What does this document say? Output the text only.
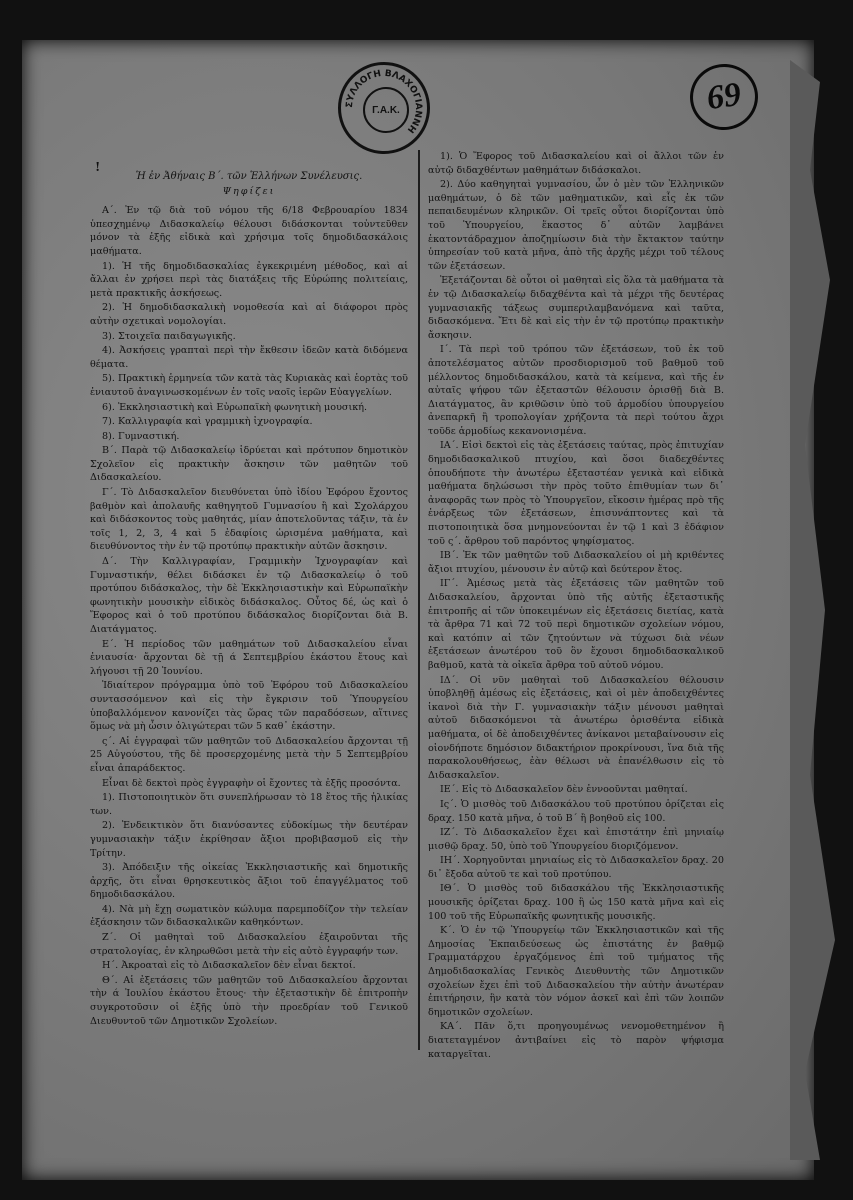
ΣΥΛΛΟΓΗ ΒΛΑΧΟΓΙΑΝΝΗ
Γ.Α.Κ.	69
!

Ἡ ἐν Ἀθήναις Β΄. τῶν Ἑλλήνων Συνέλευσις.

Ψηφίζει

Α΄. Ἐν τῷ διὰ τοῦ νόμου τῆς 6/18 Φεβρουαρίου 1834 ὑπεσχημένῳ Διδασκαλείῳ θέλουσι διδάσκονται τοὐντεῦθεν μόνον τὰ ἐξῆς εἰδικὰ καὶ χρήσιμα τοῖς δημοδιδασκάλοις μαθήματα.

1). Ἡ τῆς δημοδιδασκαλίας ἐγκεκριμένη μέθοδος, καὶ αἱ ἄλλαι ἐν χρήσει περὶ τὰς διατάξεις τῆς Εὐρώπης πολιτείαις, μετὰ πρακτικῆς ἀσκήσεως.

2). Ἡ δημοδιδασκαλικὴ νομοθεσία καὶ αἱ διάφοροι πρὸς αὐτὴν σχετικαὶ νομολογίαι.

3). Στοιχεῖα παιδαγωγικῆς.

4). Ἀσκήσεις γραπταὶ περὶ τὴν ἔκθεσιν ἰδεῶν κατὰ διδόμενα θέματα.

5). Πρακτικὴ ἑρμηνεία τῶν κατὰ τὰς Κυριακὰς καὶ ἑορτὰς τοῦ ἐνιαυτοῦ ἀναγινωσκομένων ἐν τοῖς ναοῖς ἱερῶν Εὐαγγελίων.

6). Ἐκκλησιαστικὴ καὶ Εὐρωπαϊκὴ φωνητικὴ μουσική.

7). Καλλιγραφία καὶ γραμμικὴ ἰχνογραφία.

8). Γυμναστική.

Β΄. Παρὰ τῷ Διδασκαλείῳ ἱδρύεται καὶ πρότυπον δημοτικὸν Σχολεῖον εἰς πρακτικὴν ἄσκησιν τῶν μαθητῶν τοῦ Διδασκαλείου.

Γ΄. Τὸ Διδασκαλεῖον διευθύνεται ὑπὸ ἰδίου Ἐφόρου ἔχοντος βαθμὸν καὶ ἀπολαυῆς καθηγητοῦ Γυμνασίου ἢ καὶ Σχολάρχου καὶ διδάσκοντος τοὺς μαθητάς, μίαν ἀποτελοῦντας τάξιν, τὰ ἐν τοῖς 1, 2, 3, 4 καὶ 5 ἐδαφίοις ὡρισμένα μαθήματα, καὶ διευθύνοντος τὴν ἐν τῷ προτύπῳ πρακτικὴν αὐτῶν ἄσκησιν.

Δ΄. Τὴν Καλλιγραφίαν, Γραμμικὴν Ἰχνογραφίαν καὶ Γυμναστικήν, θέλει διδάσκει ἐν τῷ Διδασκαλείῳ ὁ τοῦ προτύπου διδάσκαλος, τὴν δὲ Ἐκκλησιαστικὴν καὶ Εὐρωπαϊκὴν φωνητικὴν μουσικὴν εἰδικὸς διδάσκαλος. Οὗτος δέ, ὡς καὶ ὁ Ἔφορος καὶ ὁ τοῦ προτύπου διδάσκαλος διορίζονται διὰ Β. Διατάγματος.

Ε΄. Ἡ περίοδος τῶν μαθημάτων τοῦ Διδασκαλείου εἶναι ἐνιαυσία· ἄρχονται δὲ τῇ ά Σεπτεμβρίου ἑκάστου ἔτους καὶ λήγουσι τῇ 20 Ἰουνίου.

Ἰδιαίτερον πρόγραμμα ὑπὸ τοῦ Ἐφόρου τοῦ Διδασκαλείου συντασσόμενον καὶ εἰς τὴν ἔγκρισιν τοῦ Ὑπουργείου ὑποβαλλόμενον κανονίζει τὰς ὥρας τῶν παραδόσεων, αἵτινες ὅμως νὰ μὴ ὦσιν ὀλιγώτεραι τῶν 5 καθ᾽ ἑκάστην.

ς΄. Αἱ ἐγγραφαὶ τῶν μαθητῶν τοῦ Διδασκαλείου ἄρχονται τῇ 25 Αὐγούστου, τῆς δὲ προσερχομένης μετὰ τὴν 5 Σεπτεμβρίου εἶναι ἀπαράδεκτος.

Εἶναι δὲ δεκτοὶ πρὸς ἐγγραφὴν οἱ ἔχοντες τὰ ἐξῆς προσόντα.

1). Πιστοποιητικὸν ὅτι συνεπλήρωσαν τὸ 18 ἔτος τῆς ἡλικίας των.

2). Ἐνδεικτικὸν ὅτι διανύσαντες εὐδοκίμως τὴν δευτέραν γυμνασιακὴν τάξιν ἐκρίθησαν ἄξιοι προβιβασμοῦ εἰς τὴν Τρίτην.

3). Ἀπόδειξιν τῆς οἰκείας Ἐκκλησιαστικῆς καὶ δημοτικῆς ἀρχῆς, ὅτι εἶναι θρησκευτικὸς ἄξιοι τοῦ ἐπαγγέλματος τοῦ δημοδιδασκάλου.

4). Νὰ μὴ ἔχῃ σωματικὸν κώλυμα παρεμποδίζον τὴν τελείαν ἐξάσκησιν τῶν διδασκαλικῶν καθηκόντων.

Ζ΄. Οἱ μαθηταὶ τοῦ Διδασκαλείου ἐξαιροῦνται τῆς στρατολογίας, ἐν κληρωθῶσι μετὰ τὴν εἰς αὐτὸ ἐγγραφήν των.

Η΄. Ἀκροαταὶ εἰς τὸ Διδασκαλεῖον δὲν εἶναι δεκτοί.

Θ΄. Αἱ ἐξετάσεις τῶν μαθητῶν τοῦ Διδασκαλείου ἄρχονται τὴν ά Ἰουλίου ἑκάστου ἔτους· τὴν ἐξεταστικὴν δὲ ἐπιτροπὴν συγκροτοῦσιν οἱ ἐξῆς ὑπὸ τὴν προεδρίαν τοῦ Γενικοῦ Διευθυντοῦ τῶν Δημοτικῶν Σχολείων.

1). Ὁ Ἔφορος τοῦ Διδασκαλείου καὶ οἱ ἄλλοι τῶν ἐν αὐτῷ διδαχθέντων μαθημάτων διδάσκαλοι.

2). Δύο καθηγηταὶ γυμνασίου, ὧν ὁ μὲν τῶν Ἑλληνικῶν μαθημάτων, ὁ δὲ τῶν μαθηματικῶν, καὶ εἷς ἐκ τῶν πεπαιδευμένων κληρικῶν. Οἱ τρεῖς οὗτοι διορίζονται ὑπὸ τοῦ Ὑπουργείου, ἕκαστος δ᾽ αὐτῶν λαμβάνει ἑκατοντάδραχμον ἀποζημίωσιν διὰ τὴν ἔκτακτον ταύτην ὑπηρεσίαν τοῦ κατὰ μῆνα, ἀπὸ τῆς ἀρχῆς μέχρι τοῦ τέλους τῶν ἐξετάσεων.

Ἐξετάζονται δὲ οὗτοι οἱ μαθηταὶ εἰς ὅλα τὰ μαθήματα τὰ ἐν τῷ Διδασκαλείῳ διδαχθέντα καὶ τὰ μέχρι τῆς δευτέρας γυμνασιακῆς τάξεως συμπεριλαμβανόμενα καὶ ταῦτα, διδασκόμενα. Ἔτι δὲ καὶ εἰς τὴν ἐν τῷ προτύπῳ πρακτικὴν ἄσκησιν.

Ι΄. Τὰ περὶ τοῦ τρόπου τῶν ἐξετάσεων, τοῦ ἐκ τοῦ ἀποτελέσματος αὐτῶν προσδιορισμοῦ τοῦ βαθμοῦ τοῦ μέλλοντος δημοδιδασκάλου, κατὰ τὰ κείμενα, καὶ τῆς ἐν αὐταῖς ψήφου τῶν ἐξεταστῶν θέλουσιν ὁρισθῇ διὰ Β. Διατάγματος, ἂν κριθῶσιν ὑπὸ τοῦ ἁρμοδίου ὑπουργείου ἀνεπαρκῆ ἢ τροπολογίαν χρήζοντα τὰ περὶ τούτου ἄχρι τοῦδε ἁρμοδίως κεκανονισμένα.

ΙΑ΄. Εἰσὶ δεκτοὶ εἰς τὰς ἐξετάσεις ταύτας, πρὸς ἐπιτυχίαν δημοδιδασκαλικοῦ πτυχίου, καὶ ὅσοι διαδεχθέντες ὁπουδήποτε τὴν ἀνωτέρω ἐξεταστέαν γενικὰ καὶ εἰδικὰ μαθήματα δηλώσωσι τὴν πρὸς τοῦτο ἐπιθυμίαν των δι᾽ ἀναφορᾶς των πρὸς τὸ Ὑπουργεῖον, εἴκοσιν ἡμέρας πρὸ τῆς ἐνάρξεως τῶν ἐξετάσεων, ἐπισυνάπτοντες καὶ τὰ πιστοποιητικὰ ὅσα μνημονεύονται ἐν τῷ 1 καὶ 3 ἐδάφιον τοῦ ς΄. ἄρθρου τοῦ παρόντος ψηφίσματος.

ΙΒ΄. Ἐκ τῶν μαθητῶν τοῦ Διδασκαλείου οἱ μὴ κριθέντες ἄξιοι πτυχίου, μένουσιν ἐν αὐτῷ καὶ δεύτερον ἔτος.

ΙΓ΄. Ἀμέσως μετὰ τὰς ἐξετάσεις τῶν μαθητῶν τοῦ Διδασκαλείου, ἄρχονται ὑπὸ τῆς αὐτῆς ἐξεταστικῆς ἐπιτροπῆς αἱ τῶν ὑποκειμένων εἰς ἐξετάσεις διετίας, κατὰ τὰ ἄρθρα 71 καὶ 72 τοῦ περὶ δημοτικῶν σχολείων νόμου, καὶ κατόπιν αἱ τῶν ζητούντων νὰ τύχωσι διὰ νέων ἐξετάσεων ἀνωτέρου τοῦ ὃν ἔχουσι δημοδιδασκαλικοῦ βαθμοῦ, κατὰ τὰ οἰκεῖα ἄρθρα τοῦ αὐτοῦ νόμου.

ΙΔ΄. Οἱ νῦν μαθηταὶ τοῦ Διδασκαλείου θέλουσιν ὑποβληθῇ ἀμέσως εἰς ἐξετάσεις, καὶ οἱ μὲν ἀποδειχθέντες ἱκανοὶ διὰ τὴν Γ. γυμνασιακὴν τάξιν μένουσι μαθηταὶ αὐτοῦ διδασκόμενοι τὰ ἀνωτέρω ὁρισθέντα εἰδικὰ μαθήματα, οἱ δὲ ἀποδειχθέντες ἀνίκανοι μεταβαίνουσιν εἰς οἱονδήποτε δημόσιον διδακτήριον προκρίνουσι, ἵνα διὰ τῆς παρακολουθήσεως, ἐὰν θέλωσι νὰ ἐπανέλθωσιν εἰς τὸ Διδασκαλεῖον.

ΙΕ΄. Εἰς τὸ Διδασκαλεῖον δὲν ἐννοοῦνται μαθηταί.

Ις΄. Ὁ μισθὸς τοῦ Διδασκάλου τοῦ προτύπου ὁρίζεται εἰς δραχ. 150 κατὰ μῆνα, ὁ τοῦ Β΄ ἢ βοηθοῦ εἰς 100.

ΙΖ΄. Τὸ Διδασκαλεῖον ἔχει καὶ ἐπιστάτην ἐπὶ μηνιαίῳ μισθῷ δραχ. 50, ὑπὸ τοῦ Ὑπουργείου διοριζόμενον.

ΙΗ΄. Χορηγοῦνται μηνιαίως εἰς τὸ Διδασκαλεῖον δραχ. 20 δι᾽ ἔξοδα αὐτοῦ τε καὶ τοῦ προτύπου.

ΙΘ΄. Ὁ μισθὸς τοῦ διδασκάλου τῆς Ἐκκλησιαστικῆς μουσικῆς ὁρίζεται δραχ. 100 ἢ ὡς 150 κατὰ μῆνα καὶ εἰς 100 τοῦ τῆς Εὐρωπαϊκῆς φωνητικῆς μουσικῆς.

Κ΄. Ὁ ἐν τῷ Ὑπουργείῳ τῶν Ἐκκλησιαστικῶν καὶ τῆς Δημοσίας Ἐκπαιδεύσεως ὡς ἐπιστάτης ἐν βαθμῷ Γραμματάρχου ἐργαζόμενος ἐπὶ τοῦ τμήματος τῆς Δημοδιδασκαλίας Γενικὸς Διευθυντὴς τῶν Δημοτικῶν σχολείων ἔχει ἐπὶ τοῦ Διδασκαλείου τὴν αὐτὴν ἀνωτέραν ἐπιτήρησιν, ἣν κατὰ τὸν νόμον ἀσκεῖ καὶ ἐπὶ τῶν λοιπῶν δημοτικῶν σχολείων.

ΚΑ΄. Πᾶν ὅ,τι προηγουμένως νενομοθετημένον ἢ διατεταγμένον ἀντιβαίνει εἰς τὸ παρὸν ψήφισμα καταργεῖται.
